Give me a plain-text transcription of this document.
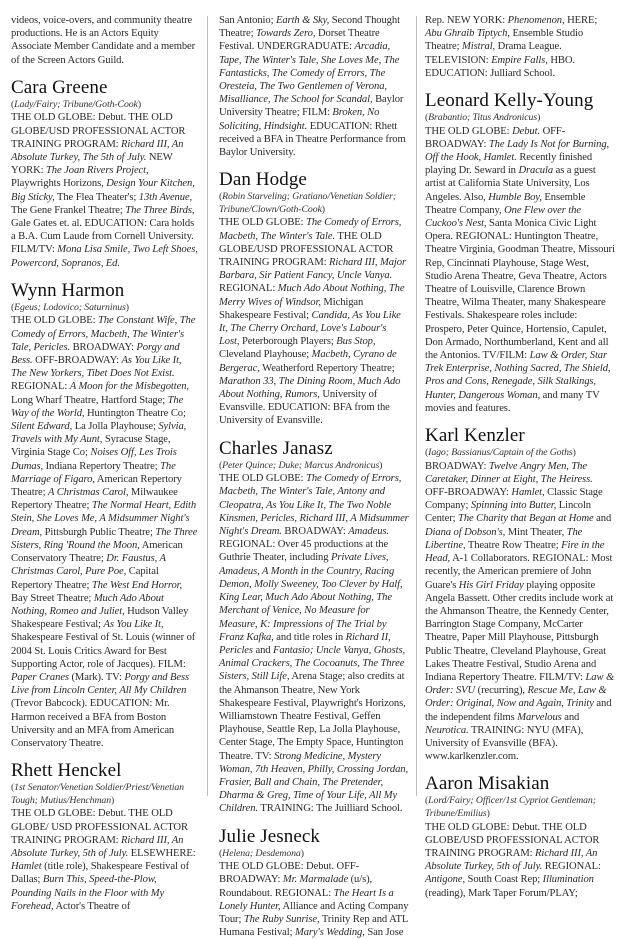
videos, voice-overs, and community theatre productions. He is an Actors Equity Associate Member Candidate and a member of the Screen Actors Guild.

Cara Greene
(Lady/Fairy; Tribune/Goth-Cook)

THE OLD GLOBE: Debut. THE OLD GLOBE/USD PROFESSIONAL ACTOR TRAINING PROGRAM: Richard III, An Absolute Turkey, The 5th of July. NEW YORK: The Joan Rivers Project, Playwrights Horizons, Design Your Kitchen, Big Sticky, The Flea Theater's; 13th Avenue, The Gene Frankel Theatre; The Three Birds, Gale Gates et. al. EDUCATION: Cara holds a B.A. Cum Laude from Cornell University. FILM/TV: Mona Lisa Smile, Two Left Shoes, Powercord, Sopranos, Ed.

Wynn Harmon
(Egeus; Lodovico; Saturninus)

THE OLD GLOBE: The Constant Wife, The Comedy of Errors, Macbeth, The Winter's Tale, Pericles. BROADWAY: Porgy and Bess. OFF-BROADWAY: As You Like It, The New Yorkers, Tibet Does Not Exist. REGIONAL: A Moon for the Misbegotten, Long Wharf Theatre, Hartford Stage; The Way of the World, Huntington Theatre Co; Silent Edward, La Jolla Playhouse; Sylvia, Travels with My Aunt, Syracuse Stage, Virginia Stage Co; Noises Off, Les Trois Dumas, Indiana Repertory Theatre; The Marriage of Figaro, American Repertory Theatre; A Christmas Carol, Milwaukee Repertory Theatre; The Normal Heart, Edith Stein, She Loves Me, A Midsummer Night's Dream, Pittsburgh Public Theatre; The Three Sisters, Ring 'Round the Moon, American Conservatory Theatre; Dr. Faustus, A Christmas Carol, Pure Poe, Capital Repertory Theatre; The West End Horror, Bay Street Theatre; Much Ado About Nothing, Romeo and Juliet, Hudson Valley Shakespeare Festival; As You Like It, Shakespeare Festival of St. Louis (winner of 2004 St. Louis Critics Award for Best Supporting Actor, role of Jacques). FILM: Paper Cranes (Mark). TV: Porgy and Bess Live from Lincoln Center, All My Children (Trevor Babcock). EDUCATION: Mr. Harmon received a BFA from Boston University and an MFA from American Conservatory Theatre.

Rhett Henckel
(1st Senator/Venetian Soldier/Priest/Venetian Tough; Mutius/Henchman)

THE OLD GLOBE: Debut. THE OLD GLOBE/ USD PROFESSIONAL ACTOR TRAINING PROGRAM: Richard III, An Absolute Turkey, 5th of July. ELSEWHERE: Hamlet (title role), Shakespeare Festival of Dallas; Burn This, Speed-the-Plow, Pounding Nails in the Floor with My Forehead, Actor's Theatre of

San Antonio; Earth & Sky, Second Thought Theatre; Towards Zero, Dorset Theatre Festival. UNDERGRADUATE: Arcadia, Tape, The Winter's Tale, She Loves Me, The Fantasticks, The Comedy of Errors, The Oresteia, The Two Gentlemen of Verona, Misalliance, The School for Scandal, Baylor University Theatre; FILM: Broken, No Soliciting, Hindsight. EDUCATION: Rhett received a BFA in Theatre Performance from Baylor University.

Dan Hodge
(Robin Starveling; Gratiano/Venetian Soldier; Tribune/Clown/Goth-Cook)

THE OLD GLOBE: The Comedy of Errors, Macbeth, The Winter's Tale. THE OLD GLOBE/USD PROFESSIONAL ACTOR TRAINING PROGRAM: Richard III, Major Barbara, Sir Patient Fancy, Uncle Vanya. REGIONAL: Much Ado About Nothing, The Merry Wives of Windsor, Michigan Shakespeare Festival; Candida, As You Like It, The Cherry Orchard, Love's Labour's Lost, Peterborough Players; Bus Stop, Cleveland Playhouse; Macbeth, Cyrano de Bergerac, Weatherford Repertory Theatre; Marathon 33, The Dining Room, Much Ado About Nothing, Rumors, University of Evansville. EDUCATION: BFA from the University of Evansville.

Charles Janasz
(Peter Quince; Duke; Marcus Andronicus)

THE OLD GLOBE: The Comedy of Errors, Macbeth, The Winter's Tale, Antony and Cleopatra, As You Like It, The Two Noble Kinsmen, Pericles, Richard III, A Midsummer Night's Dream. BROADWAY: Amadeus. REGIONAL: Over 45 productions at the Guthrie Theater, including Private Lives, Amadeus, A Month in the Country, Racing Demon, Molly Sweeney, Too Clever by Half, King Lear, Much Ado About Nothing, The Merchant of Venice, No Measure for Measure, K: Impressions of The Trial by Franz Kafka, and title roles in Richard II, Pericles and Fantasio; Uncle Vanya, Ghosts, Animal Crackers, The Cocoanuts, The Three Sisters, Still Life, Arena Stage; also credits at the Ahmanson Theatre, New York Shakespeare Festival, Playwright's Horizons, Williamstown Theatre Festival, Geffen Playhouse, Seattle Rep, La Jolla Playhouse, Center Stage, The Empty Space, Huntington Theatre. TV: Strong Medicine, Mystery Woman, 7th Heaven, Philly, Crossing Jordan, Frasier, Ball and Chain, The Pretender, Dharma & Greg, Time of Your Life, All My Children. TRAINING: The Juilliard School.

Julie Jesneck
(Helena; Desdemona)

THE OLD GLOBE: Debut. OFF-BROADWAY: Mr. Marmalade (u/s), Roundabout. REGIONAL: The Heart Is a Lonely Hunter, Alliance and Acting Company Tour; The Ruby Sunrise, Trinity Rep and ATL Humana Festival; Mary's Wedding, San Jose

Rep. NEW YORK: Phenomenon, HERE; Abu Ghraib Tiptych, Ensemble Studio Theatre; Mistral, Drama League. TELEVISION: Empire Falls, HBO. EDUCATION: Julliard School.

Leonard Kelly-Young
(Brabantio; Titus Andronicus)

THE OLD GLOBE: Debut. OFF-BROADWAY: The Lady Is Not for Burning, Off the Hook, Hamlet. Recently finished playing Dr. Seward in Dracula as a guest artist at California State University, Los Angeles. Also, Humble Boy, Ensemble Theatre Company, One Flew over the Cuckoo's Nest, Santa Monica Civic Light Opera. REGIONAL: Huntington Theatre, Theatre Virginia, Goodman Theatre, Missouri Rep, Cincinnati Playhouse, Stage West, Studio Arena Theatre, Geva Theatre, Actors Theatre of Louisville, Clarence Brown Theatre, Wilma Theater, many Shakespeare Festivals. Shakespeare roles include: Prospero, Peter Quince, Hortensio, Capulet, Don Armado, Northumberland, Kent and all the Antonios. TV/FILM: Law & Order, Star Trek Enterprise, Nothing Sacred, The Shield, Pros and Cons, Renegade, Silk Stalkings, Hunter, Dangerous Woman, and many TV movies and features.

Karl Kenzler
(Iago; Bassianus/Captain of the Goths)

BROADWAY: Twelve Angry Men, The Caretaker, Dinner at Eight, The Heiress. OFF-BROADWAY: Hamlet, Classic Stage Company; Spinning into Butter, Lincoln Center; The Charity that Began at Home and Diana of Dobson's, Mint Theater, The Libertine, Theatre Row Theatre; Fire in the Head, A-1 Collaborators. REGIONAL: Most recently, the American premiere of John Guare's His Girl Friday playing opposite Angela Bassett. Other credits include work at the Ahmanson Theatre, the Kennedy Center, Barrington Stage Company, McCarter Theatre, Paper Mill Playhouse, Pittsburgh Public Theatre, Cleveland Playhouse, Great Lakes Theatre Festival, Studio Arena and Indiana Repertory Theatre. FILM/TV: Law & Order: SVU (recurring), Rescue Me, Law & Order: Original, Now and Again, Trinity and the independent films Marvelous and Neurotica. TRAINING: NYU (MFA), University of Evansville (BFA). www.karlkenzler.com.

Aaron Misakian
(Lord/Fairy; Officer/1st Cypriot Gentleman; Tribune/Emilius)

THE OLD GLOBE: Debut. THE OLD GLOBE/USD PROFESSIONAL ACTOR TRAINING PROGRAM: Richard III, An Absolute Turkey, 5th of July. REGIONAL: Antigone, South Coast Rep; Illumination (reading), Mark Taper Forum/PLAY;
